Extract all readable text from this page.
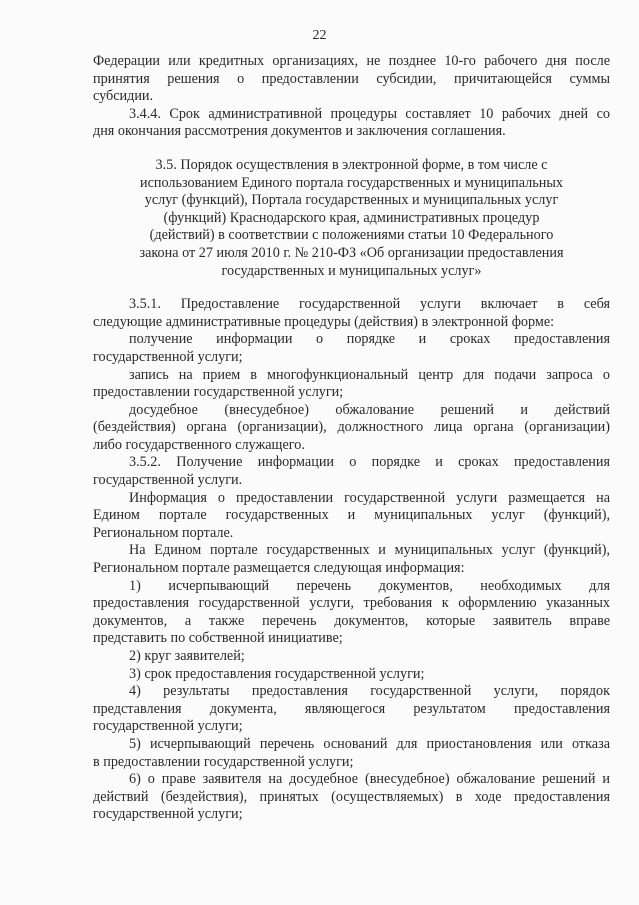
22
Федерации или кредитных организациях, не позднее 10-го рабочего дня после
принятия решения о предоставлении субсидии, причитающейся суммы
субсидии.
3.4.4. Срок административной процедуры составляет 10 рабочих дней со
дня окончания рассмотрения документов и заключения соглашения.
3.5. Порядок осуществления в электронной форме, в том числе с
использованием Единого портала государственных и муниципальных
услуг (функций), Портала государственных и муниципальных услуг
(функций) Краснодарского края, административных процедур
(действий) в соответствии с положениями статьи 10 Федерального
закона от 27 июля 2010 г. № 210-ФЗ «Об организации предоставления
государственных и муниципальных услуг»
3.5.1. Предоставление государственной услуги включает в себя
следующие административные процедуры (действия) в электронной форме:
получение информации о порядке и сроках предоставления
государственной услуги;
запись на прием в многофункциональный центр для подачи запроса о
предоставлении государственной услуги;
досудебное (внесудебное) обжалование решений и действий
(бездействия) органа (организации), должностного лица органа (организации)
либо государственного служащего.
3.5.2. Получение информации о порядке и сроках предоставления
государственной услуги.
Информация о предоставлении государственной услуги размещается на
Едином портале государственных и муниципальных услуг (функций),
Региональном портале.
На Едином портале государственных и муниципальных услуг (функций),
Региональном портале размещается следующая информация:
1) исчерпывающий перечень документов, необходимых для
предоставления государственной услуги, требования к оформлению указанных
документов, а также перечень документов, которые заявитель вправе
представить по собственной инициативе;
2) круг заявителей;
3) срок предоставления государственной услуги;
4) результаты предоставления государственной услуги, порядок
представления документа, являющегося результатом предоставления
государственной услуги;
5) исчерпывающий перечень оснований для приостановления или отказа
в предоставлении государственной услуги;
6) о праве заявителя на досудебное (внесудебное) обжалование решений и
действий (бездействия), принятых (осуществляемых) в ходе предоставления
государственной услуги;
